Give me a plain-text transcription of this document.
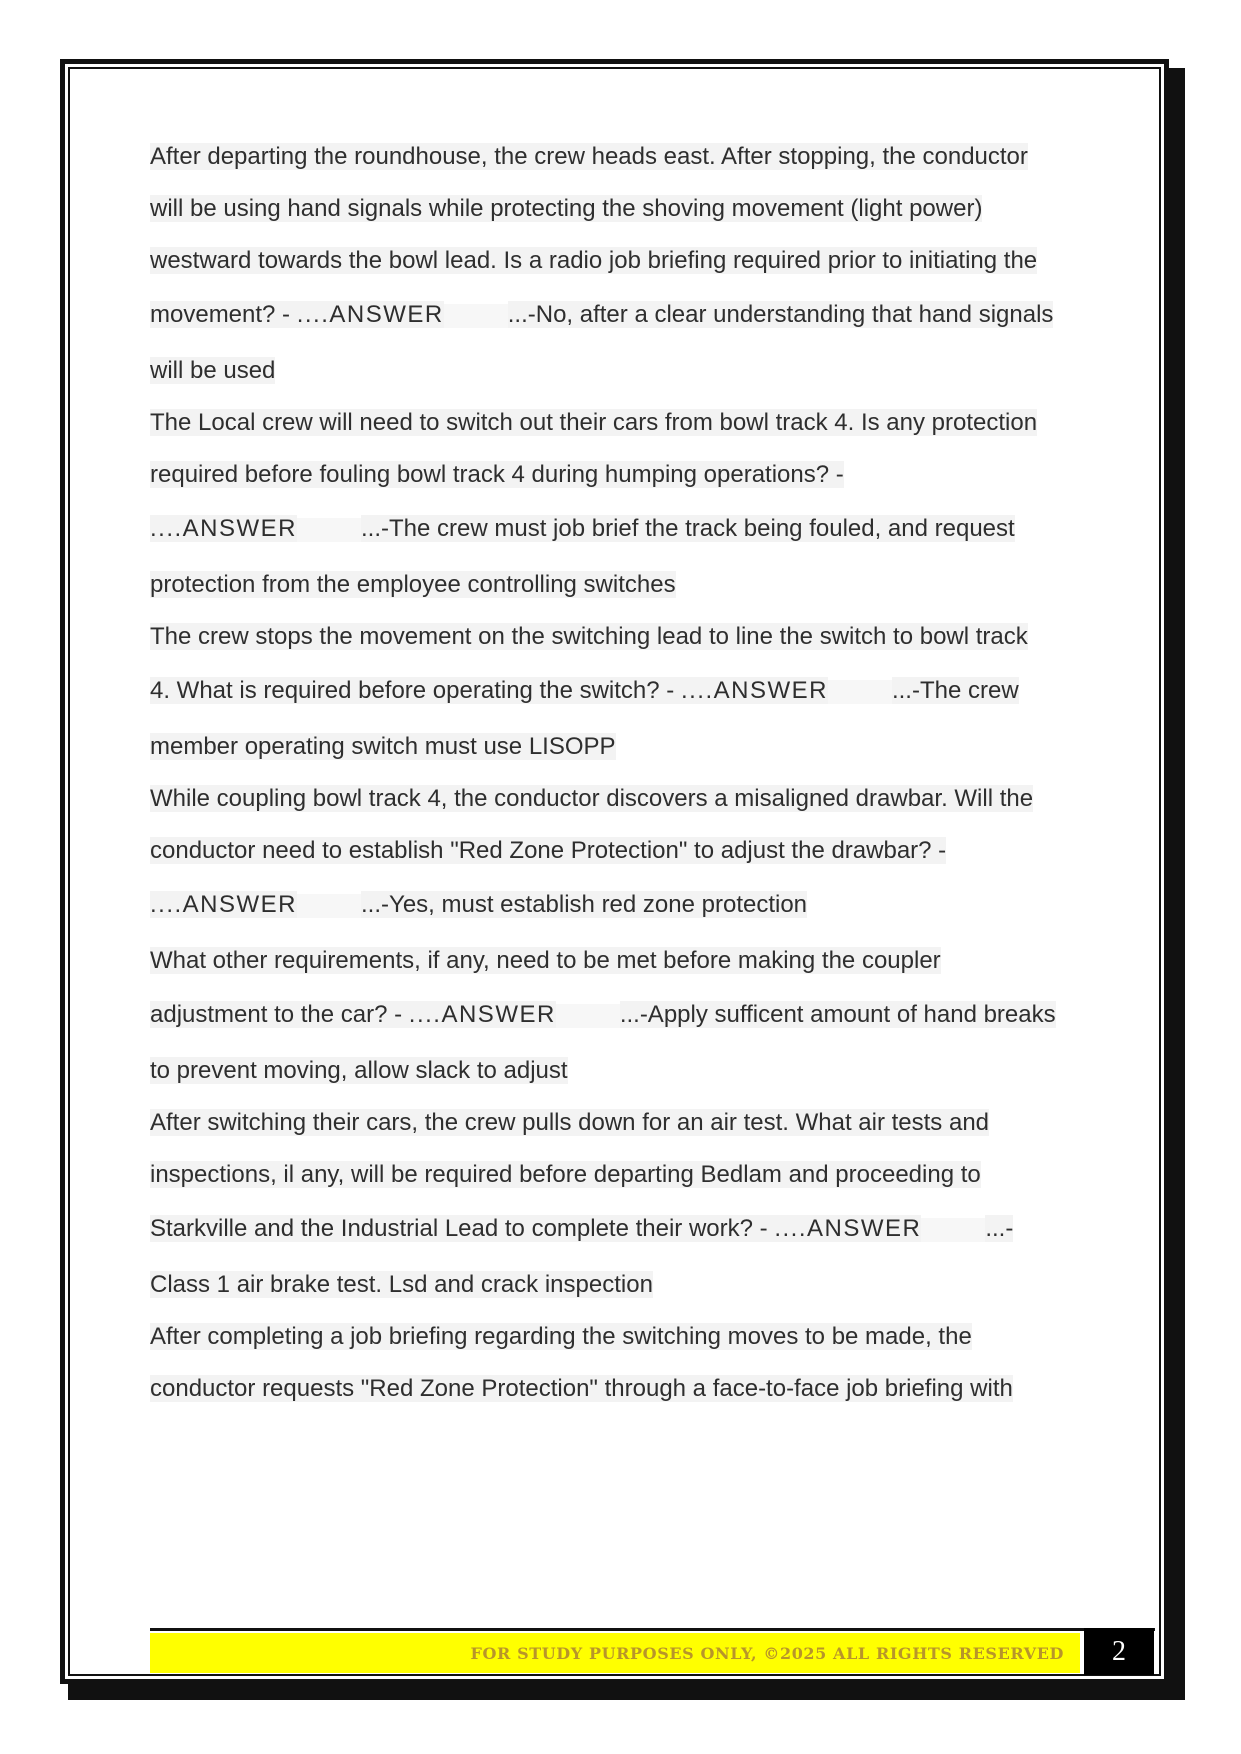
After departing the roundhouse, the crew heads east. After stopping, the conductor
will be using hand signals while protecting the shoving movement (light power)
westward towards the bowl lead. Is a radio job briefing required prior to initiating the
movement? - ....ANSWER	...-No, after a clear understanding that hand signals
will be used
The Local crew will need to switch out their cars from bowl track 4. Is any protection
required before fouling bowl track 4 during humping operations? -
....ANSWER	...-The crew must job brief the track being fouled, and request
protection from the employee controlling switches
The crew stops the movement on the switching lead to line the switch to bowl track
4. What is required before operating the switch? - ....ANSWER	...-The crew
member operating switch must use LISOPP
While coupling bowl track 4, the conductor discovers a misaligned drawbar. Will the
conductor need to establish "Red Zone Protection" to adjust the drawbar? -
....ANSWER	...-Yes, must establish red zone protection
What other requirements, if any, need to be met before making the coupler
adjustment to the car? - ....ANSWER	...-Apply sufficent amount of hand breaks
to prevent moving, allow slack to adjust
After switching their cars, the crew pulls down for an air test. What air tests and
inspections, il any, will be required before departing Bedlam and proceeding to
Starkville and the Industrial Lead to complete their work? - ....ANSWER	...-
Class 1 air brake test. Lsd and crack inspection
After completing a job briefing regarding the switching moves to be made, the
conductor requests "Red Zone Protection" through a face-to-face job briefing with
FOR STUDY PURPOSES ONLY, ©2025 ALL RIGHTS RESERVED 2
